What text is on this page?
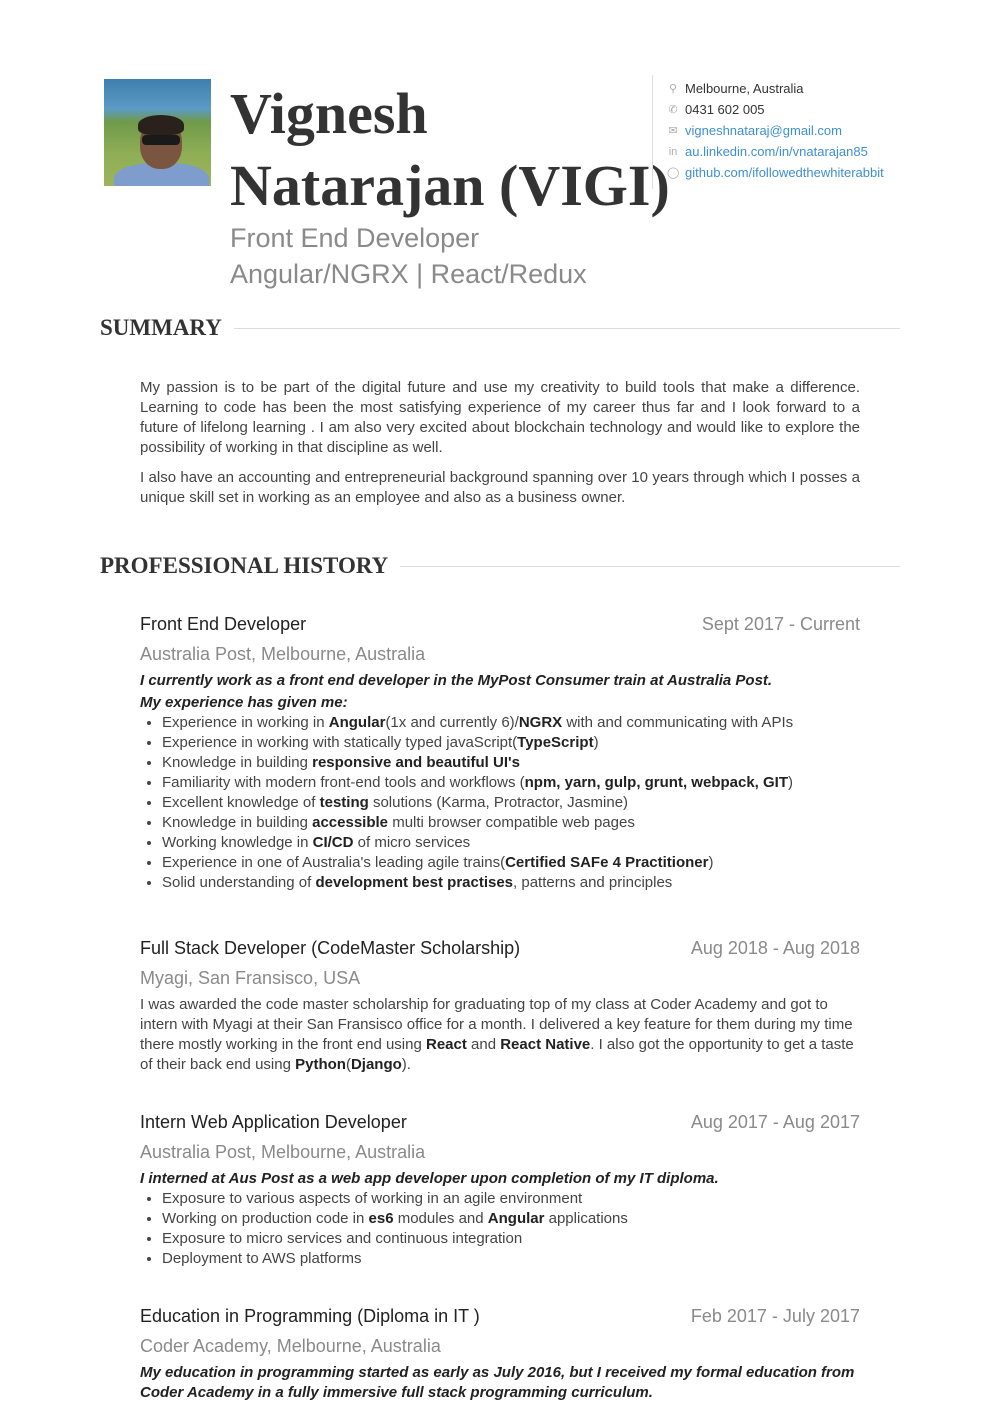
Vignesh
Natarajan (VIGI)
Front End Developer
Angular/NGRX | React/Redux
⚲ Melbourne, Australia
✆ 0431 602 005
✉ vigneshnataraj@gmail.com
in au.linkedin.com/in/vnatarajan85
◯ github.com/ifollowedthewhiterabbit
SUMMARY

My passion is to be part of the digital future and use my creativity to build tools that make a difference. Learning to code has been the most satisfying experience of my career thus far and I look forward to a future of lifelong learning . I am also very excited about blockchain technology and would like to explore the possibility of working in that discipline as well.

I also have an accounting and entrepreneurial background spanning over 10 years through which I posses a unique skill set in working as an employee and also as a business owner.

PROFESSIONAL HISTORY
Front End Developer	Sept 2017 - Current
Australia Post, Melbourne, Australia
I currently work as a front end developer in the MyPost Consumer train at Australia Post.
My experience has given me:
• Experience in working in Angular(1x and currently 6)/NGRX with and communicating with APIs
• Experience in working with statically typed javaScript(TypeScript)
• Knowledge in building responsive and beautiful UI's
• Familiarity with modern front-end tools and workflows (npm, yarn, gulp, grunt, webpack, GIT)
• Excellent knowledge of testing solutions (Karma, Protractor, Jasmine)
• Knowledge in building accessible multi browser compatible web pages
• Working knowledge in CI/CD of micro services
• Experience in one of Australia's leading agile trains(Certified SAFe 4 Practitioner)
• Solid understanding of development best practises, patterns and principles
Full Stack Developer (CodeMaster Scholarship)	Aug 2018 - Aug 2018
Myagi, San Fransisco, USA
I was awarded the code master scholarship for graduating top of my class at Coder Academy and got to intern with Myagi at their San Fransisco office for a month. I delivered a key feature for them during my time there mostly working in the front end using React and React Native. I also got the opportunity to get a taste of their back end using Python(Django).
Intern Web Application Developer	Aug 2017 - Aug 2017
Australia Post, Melbourne, Australia
I interned at Aus Post as a web app developer upon completion of my IT diploma.
• Exposure to various aspects of working in an agile environment
• Working on production code in es6 modules and Angular applications
• Exposure to micro services and continuous integration
• Deployment to AWS platforms
Education in Programming (Diploma in IT )	Feb 2017 - July 2017
Coder Academy, Melbourne, Australia
My education in programming started as early as July 2016, but I received my formal education from Coder Academy in a fully immersive full stack programming curriculum.
